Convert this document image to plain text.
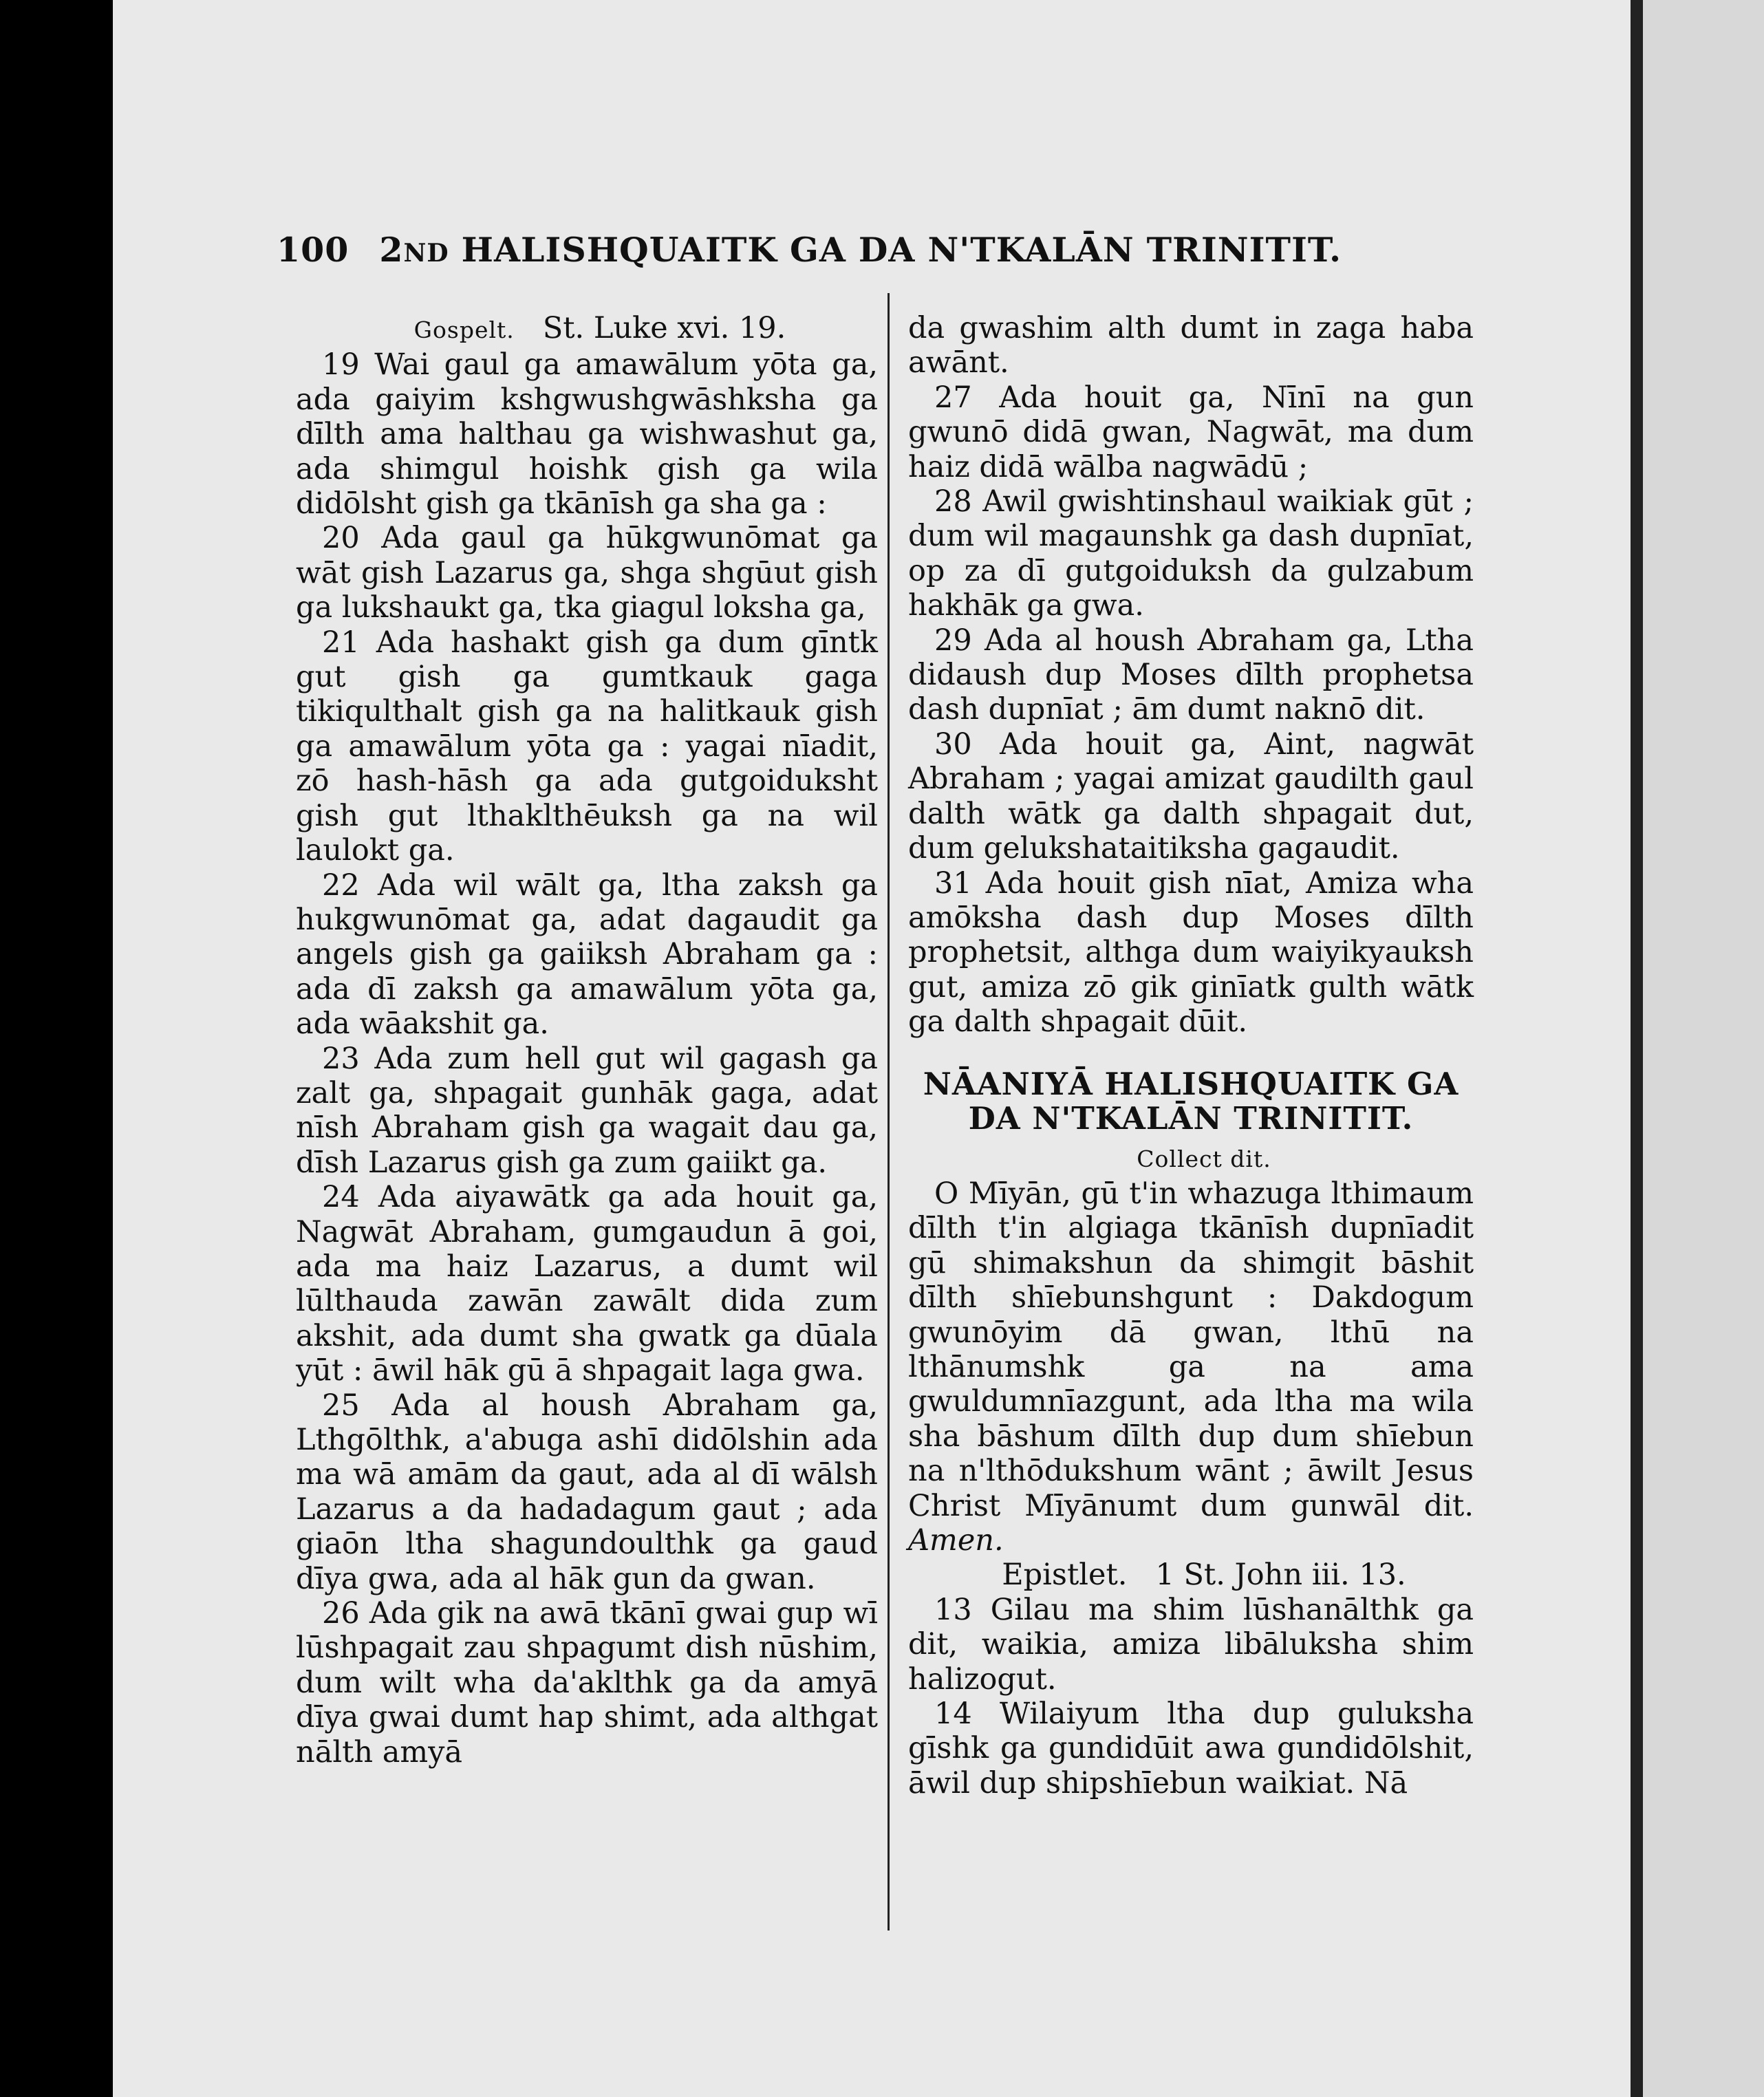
100 2ND HALISHQUAITK GA DA N'TKALĀN TRINITIT.

Gospelt. St. Luke xvi. 19.

19 Wai gaul ga amawālum yōta ga, ada gaiyim kshgwushgwāshksha ga dīlth ama halthau ga wishwashut ga, ada shimgul hoishk gish ga wila didōlsht gish ga tkānīsh ga sha ga :

20 Ada gaul ga hūkgwunōmat ga wāt gish Lazarus ga, shga shgūut gish ga lukshaukt ga, tka giagul loksha ga,

21 Ada hashakt gish ga dum gīntk gut gish ga gumtkauk gaga tikiqulthalt gish ga na halitkauk gish ga amawālum yōta ga : yagai nīadit, zō hash-hāsh ga ada gutgoiduksht gish gut lthaklthēuksh ga na wil laulokt ga.

22 Ada wil wālt ga, ltha zaksh ga hukgwunōmat ga, adat dagaudit ga angels gish ga gaiiksh Abraham ga : ada dī zaksh ga amawālum yōta ga, ada wāakshit ga.

23 Ada zum hell gut wil gagash ga zalt ga, shpagait gunhāk gaga, adat nīsh Abraham gish ga wagait dau ga, dīsh Lazarus gish ga zum gaiikt ga.

24 Ada aiyawātk ga ada houit ga, Nagwāt Abraham, gumgaudun ā goi, ada ma haiz Lazarus, a dumt wil lūlthauda zawān zawālt dida zum akshit, ada dumt sha gwatk ga dūala yūt : āwil hāk gū ā shpagait laga gwa.

25 Ada al housh Abraham ga, Lthgōlthk, a'abuga ashī didōlshin ada ma wā amām da gaut, ada al dī wālsh Lazarus a da hadadagum gaut ; ada giaōn ltha shagundoulthk ga gaud dīya gwa, ada al hāk gun da gwan.

26 Ada gik na awā tkānī gwai gup wī lūshpagait zau shpagumt dish nūshim, dum wilt wha da'aklthk ga da amyā dīya gwai dumt hap shimt, ada althgat nālth amyā

da gwashim alth dumt in zaga haba awānt.

27 Ada houit ga, Nīnī na gun gwunō didā gwan, Nagwāt, ma dum haiz didā wālba nagwādū ;

28 Awil gwishtinshaul waikiak gūt ; dum wil magaunshk ga dash dupnīat, op za dī gutgoiduksh da gulzabum hakhāk ga gwa.

29 Ada al housh Abraham ga, Ltha didaush dup Moses dīlth prophetsa dash dupnīat ; ām dumt naknō dit.

30 Ada houit ga, Aint, nagwāt Abraham ; yagai amizat gaudilth gaul dalth wātk ga dalth shpagait dut, dum gelukshataitiksha gagaudit.

31 Ada houit gish nīat, Amiza wha amōksha dash dup Moses dīlth prophetsit, althga dum waiyikyauksh gut, amiza zō gik ginīatk gulth wātk ga dalth shpagait dūit.

NĀANIYĀ HALISHQUAITK GA
DA N'TKALĀN TRINITIT.

Collect dit.

O Mīyān, gū t'in whazuga lthimaum dīlth t'in algiaga tkānīsh dupnīadit gū shimakshun da shimgit bāshit dīlth shīebunshgunt : Dakdogum gwunōyim dā gwan, lthū na lthānumshk ga na ama gwuldumnīazgunt, ada ltha ma wila sha bāshum dīlth dup dum shīebun na n'lthōdukshum wānt ; āwilt Jesus Christ Mīyānumt dum gunwāl dit. Amen.

Epistlet. 1 St. John iii. 13.

13 Gilau ma shim lūshanālthk ga dit, waikia, amiza libāluksha shim halizogut.

14 Wilaiyum ltha dup guluksha gīshk ga gundidūit awa gundidōlshit, āwil dup shipshīebun waikiat. Nā
